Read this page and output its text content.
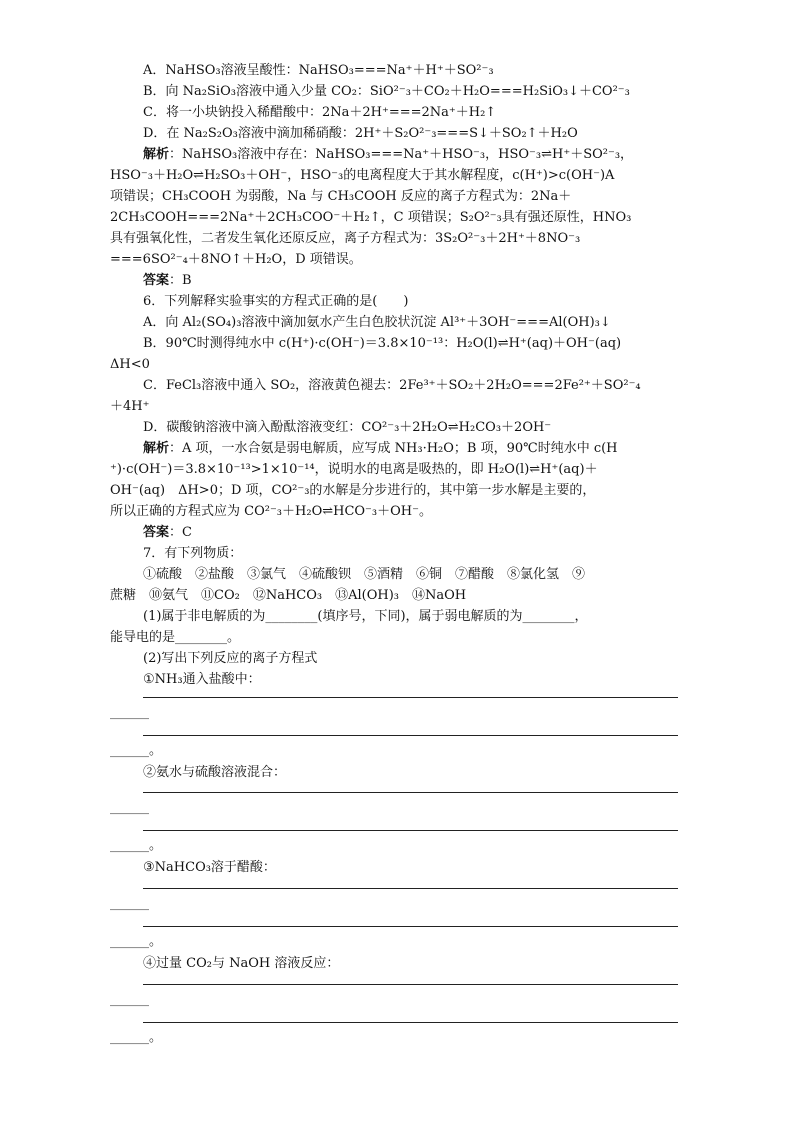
A．NaHSO₃溶液呈酸性：NaHSO₃===Na⁺＋H⁺＋SO²⁻₃
B．向 Na₂SiO₃溶液中通入少量 CO₂：SiO²⁻₃＋CO₂＋H₂O===H₂SiO₃↓＋CO²⁻₃
C．将一小块钠投入稀醋酸中：2Na＋2H⁺===2Na⁺＋H₂↑
D．在 Na₂S₂O₃溶液中滴加稀硝酸：2H⁺＋S₂O²⁻₃===S↓＋SO₂↑＋H₂O
解析：NaHSO₃溶液中存在：NaHSO₃===Na⁺＋HSO⁻₃，HSO⁻₃⇌H⁺＋SO²⁻₃，
HSO⁻₃＋H₂O⇌H₂SO₃＋OH⁻，HSO⁻₃的电离程度大于其水解程度，c(H⁺)>c(OH⁻)A
项错误；CH₃COOH 为弱酸，Na 与 CH₃COOH 反应的离子方程式为：2Na＋
2CH₃COOH===2Na⁺＋2CH₃COO⁻＋H₂↑，C 项错误；S₂O²⁻₃具有强还原性，HNO₃
具有强氧化性，二者发生氧化还原反应，离子方程式为：3S₂O²⁻₃＋2H⁺＋8NO⁻₃
===6SO²⁻₄＋8NO↑＋H₂O，D 项错误。
答案：B
6．下列解释实验事实的方程式正确的是(　　)
A．向 Al₂(SO₄)₃溶液中滴加氨水产生白色胶状沉淀 Al³⁺＋3OH⁻===Al(OH)₃↓
B．90℃时测得纯水中 c(H⁺)·c(OH⁻)＝3.8×10⁻¹³：H₂O(l)⇌H⁺(aq)＋OH⁻(aq)
ΔH<0
C．FeCl₃溶液中通入 SO₂，溶液黄色褪去：2Fe³⁺＋SO₂＋2H₂O===2Fe²⁺＋SO²⁻₄
＋4H⁺
D．碳酸钠溶液中滴入酚酞溶液变红：CO²⁻₃＋2H₂O⇌H₂CO₃＋2OH⁻
解析：A 项，一水合氨是弱电解质，应写成 NH₃·H₂O；B 项，90℃时纯水中 c(H
⁺)·c(OH⁻)＝3.8×10⁻¹³>1×10⁻¹⁴，说明水的电离是吸热的，即 H₂O(l)⇌H⁺(aq)＋
OH⁻(aq)　ΔH>0；D 项，CO²⁻₃的水解是分步进行的，其中第一步水解是主要的，
所以正确的方程式应为 CO²⁻₃＋H₂O⇌HCO⁻₃＋OH⁻。
答案：C
7．有下列物质：
①硫酸　②盐酸　③氯气　④硫酸钡　⑤酒精　⑥铜　⑦醋酸　⑧氯化氢　⑨
蔗糖　⑩氨气　⑪CO₂　⑫NaHCO₃　⑬Al(OH)₃　⑭NaOH
(1)属于非电解质的为________(填序号，下同)，属于弱电解质的为________，
能导电的是________。
(2)写出下列反应的离子方程式
①NH₃通入盐酸中：
______
______。
②氨水与硫酸溶液混合：
______
______。
③NaHCO₃溶于醋酸：
______
______。
④过量 CO₂与 NaOH 溶液反应：
______
______。
